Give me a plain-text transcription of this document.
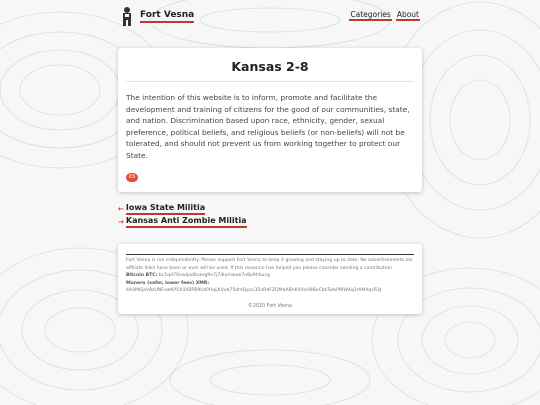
Fort Vesna	Categories About
Kansas 2-8

The intention of this website is to inform, promote and facilitate the development and training of citizens for the good of our communities, state, and nation. Discrimination based upon race, ethnicity, gender, sexual preference, political beliefs, and religious beliefs (or non-beliefs) will not be tolerated, and should not prevent us from working together to protect our State.

KS
← Iowa State Militia
→ Kansas Anti Zombie Militia
Fort Vesna is run independently. Please support Fort Vesna to keep it growing and staying up to date. No advertisements nor affiliate links have been or ever will be used. If this resource has helped you please consider sending a contribution.
Bitcoin BTC: bc1qd70nwljad6uerg9n7j74lumwue7n8y9hhucg
Monero (safer, lower fees) XMR:
4A4M6jaV8zUNFvwKP5X4XBPB9UzPHqLKVxb75dmQpxc35oRdFZQMaABhKXVsH9BvCbkTwbPWW4q3rhM4qcR3J
©2020 Fort Vesna
